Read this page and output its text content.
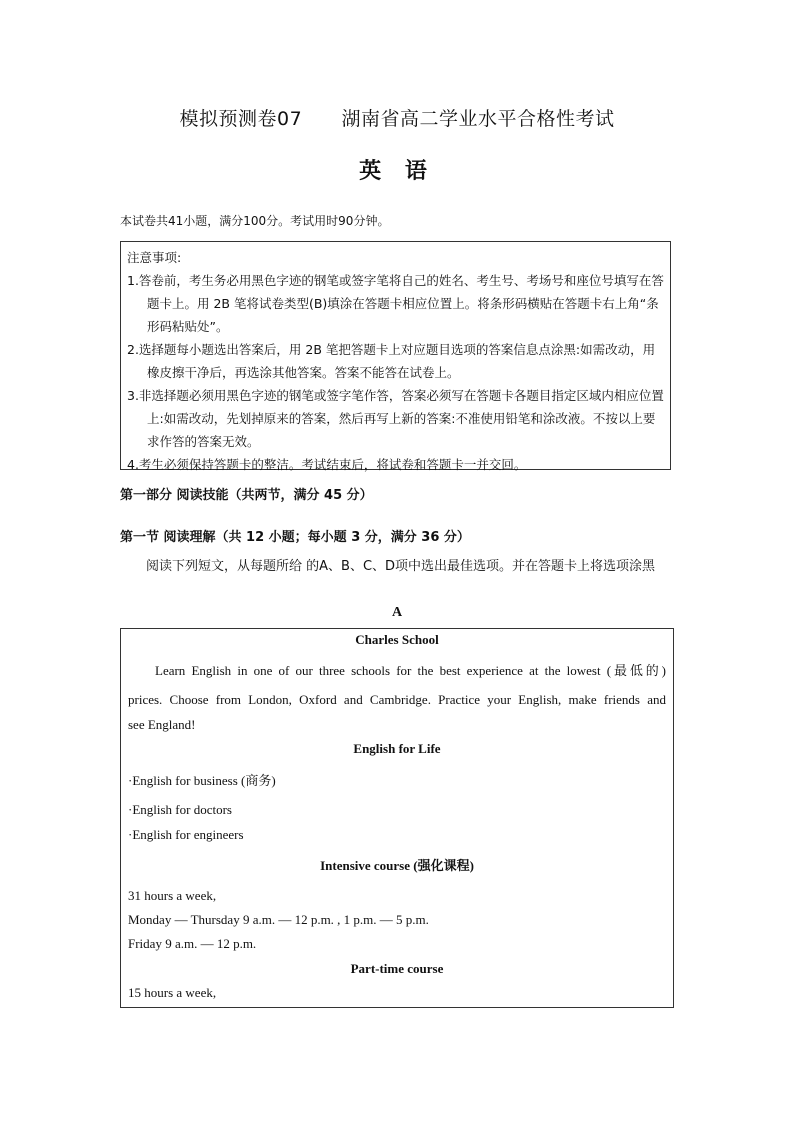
模拟预测卷07      湖南省高二学业水平合格性考试
英 语
本试卷共41小题，满分100分。考试用时90分钟。
注意事项:
1.答卷前，考生务必用黑色字迹的钢笔或签字笔将自己的姓名、考生号、考场号和座位号填写在答题卡上。用 2B 笔将试卷类型(B)填涂在答题卡相应位置上。将条形码横贴在答题卡右上角“条形码粘贴处”。
2.选择题每小题选出答案后，用 2B 笔把答题卡上对应题目选项的答案信息点涂黑:如需改动，用橡皮擦干净后，再选涂其他答案。答案不能答在试卷上。
3.非选择题必须用黑色字迹的钢笔或签字笔作答，答案必须写在答题卡各题目指定区域内相应位置上:如需改动，先划掉原来的答案，然后再写上新的答案:不准使用铅笔和涂改液。不按以上要求作答的答案无效。
4.考生必须保持答题卡的整洁。考试结束后，将试卷和答题卡一并交回。
第一部分 阅读技能（共两节，满分 45 分）
第一节 阅读理解（共 12 小题；每小题 3 分，满分 36 分）
阅读下列短文，从每题所给 的A、B、C、D项中选出最佳选项。并在答题卡上将选项涂黑
A
Charles School
Learn English in one of our three schools for the best experience at the lowest (最低的)
prices. Choose from London, Oxford and Cambridge. Practice your English, make friends and
see England!
English for Life
·English for business (商务)
·English for doctors
·English for engineers
Intensive course (强化课程)
31 hours a week,
Monday — Thursday 9 a.m. — 12 p.m. , 1 p.m. — 5 p.m.
Friday 9 a.m. — 12 p.m.
Part-time course
15 hours a week,
